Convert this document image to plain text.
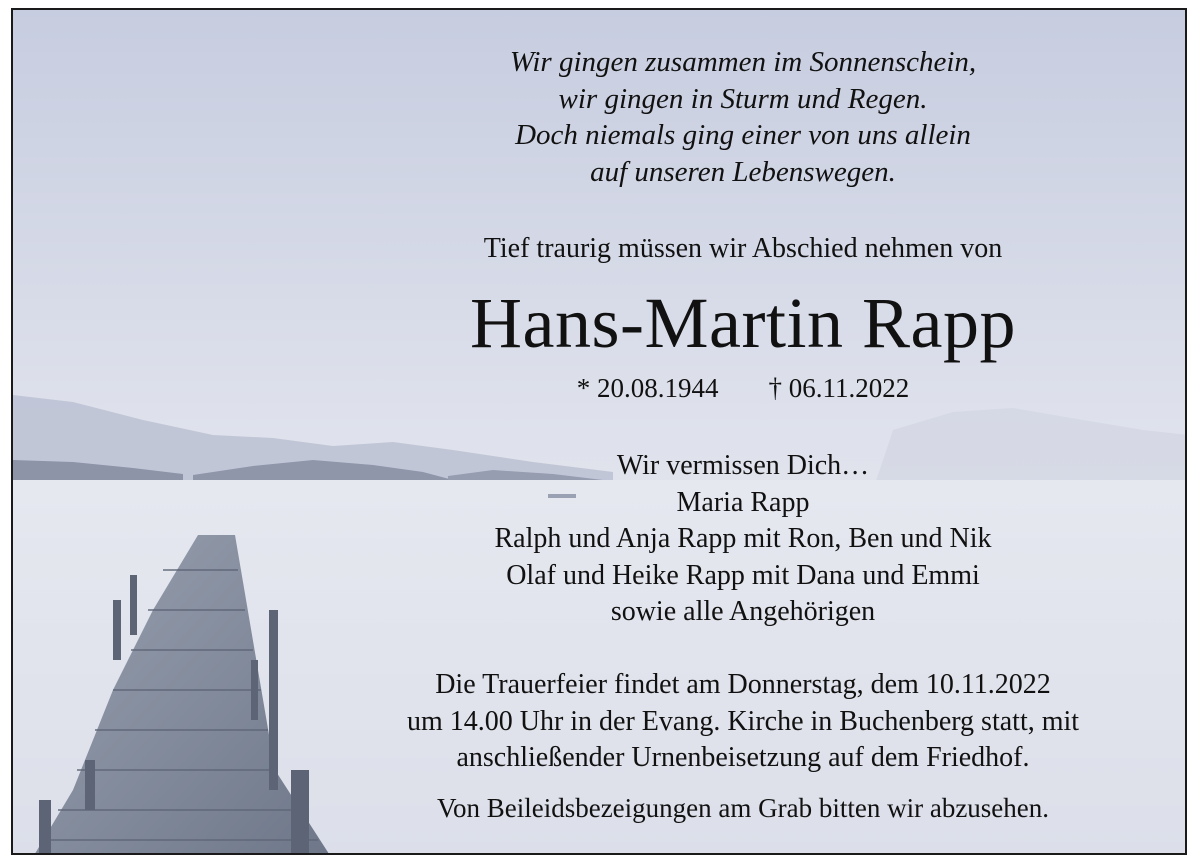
Wir gingen zusammen im Sonnenschein,
wir gingen in Sturm und Regen.
Doch niemals ging einer von uns allein
auf unseren Lebenswegen.
Tief traurig müssen wir Abschied nehmen von
Hans-Martin Rapp
* 20.08.1944 † 06.11.2022
Wir vermissen Dich…
Maria Rapp
Ralph und Anja Rapp mit Ron, Ben und Nik
Olaf und Heike Rapp mit Dana und Emmi
sowie alle Angehörigen
Die Trauerfeier findet am Donnerstag, dem 10.11.2022
um 14.00 Uhr in der Evang. Kirche in Buchenberg statt, mit
anschließender Urnenbeisetzung auf dem Friedhof.
Von Beileidsbezeigungen am Grab bitten wir abzusehen.
